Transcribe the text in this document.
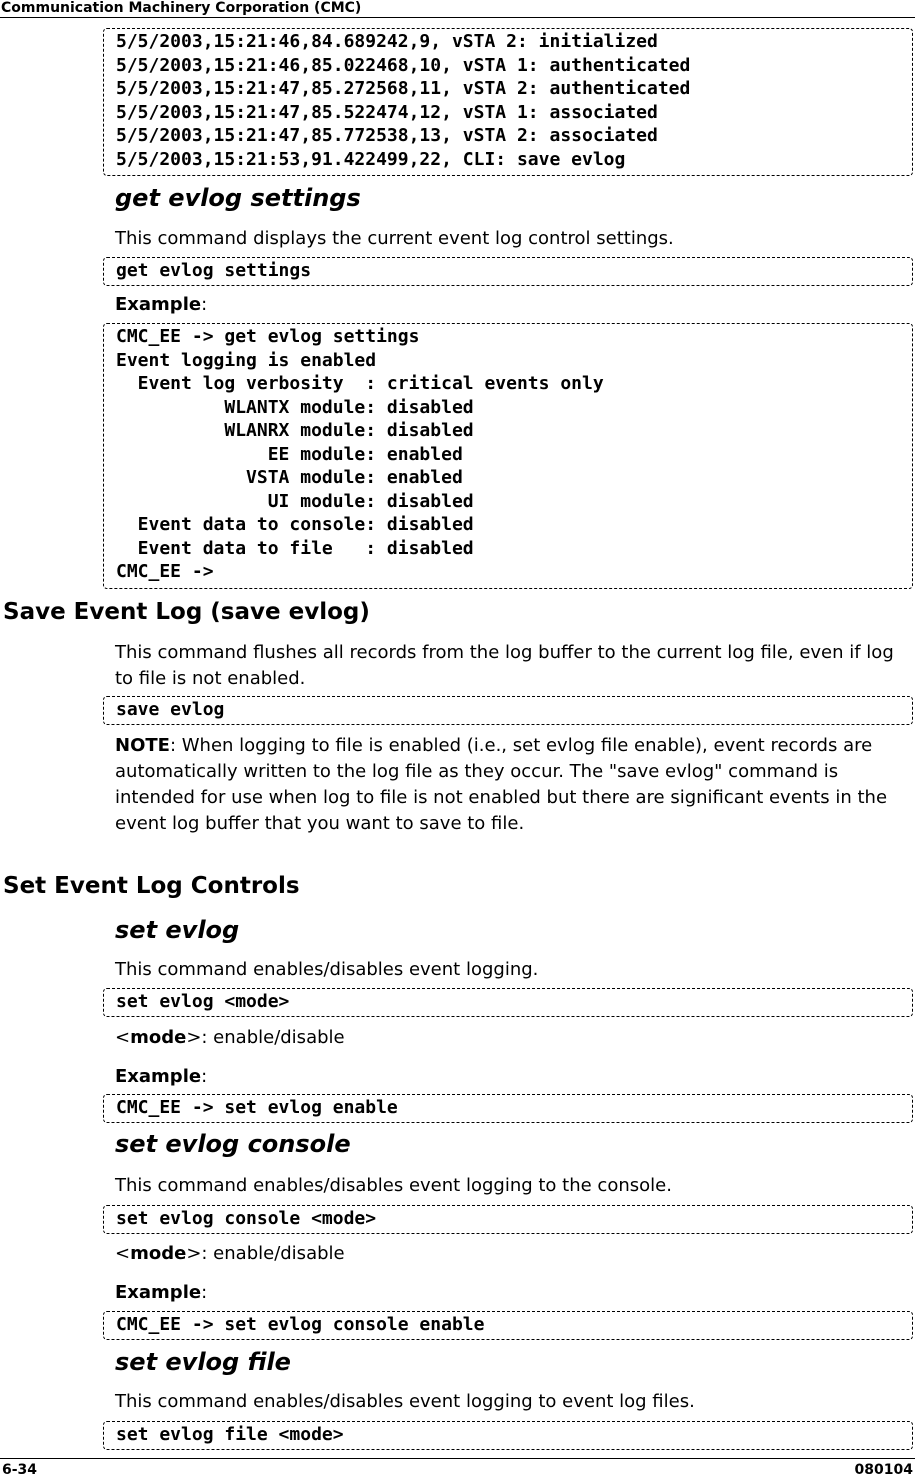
Communication Machinery Corporation (CMC)
5/5/2003,15:21:46,84.689242,9, vSTA 2: initialized
5/5/2003,15:21:46,85.022468,10, vSTA 1: authenticated
5/5/2003,15:21:47,85.272568,11, vSTA 2: authenticated
5/5/2003,15:21:47,85.522474,12, vSTA 1: associated
5/5/2003,15:21:47,85.772538,13, vSTA 2: associated
5/5/2003,15:21:53,91.422499,22, CLI: save evlog
get evlog settings
This command displays the current event log control settings.
get evlog settings
Example:
CMC_EE -> get evlog settings
Event logging is enabled
Event log verbosity  : critical events only
WLANTX module: disabled
WLANRX module: disabled
EE module: enabled
VSTA module: enabled
UI module: disabled
Event data to console: disabled
Event data to file   : disabled
CMC_EE ->
Save Event Log (save evlog)
This command flushes all records from the log buffer to the current log file, even if log to file is not enabled.
save evlog
NOTE: When logging to file is enabled (i.e., set evlog file enable), event records are automatically written to the log file as they occur. The "save evlog" command is intended for use when log to file is not enabled but there are significant events in the event log buffer that you want to save to file.
Set Event Log Controls
set evlog
This command enables/disables event logging.
set evlog <mode>
<mode>: enable/disable
Example:
CMC_EE -> set evlog enable
set evlog console
This command enables/disables event logging to the console.
set evlog console <mode>
<mode>: enable/disable
Example:
CMC_EE -> set evlog console enable
set evlog file
This command enables/disables event logging to event log files.
set evlog file <mode>
6-34	080104
